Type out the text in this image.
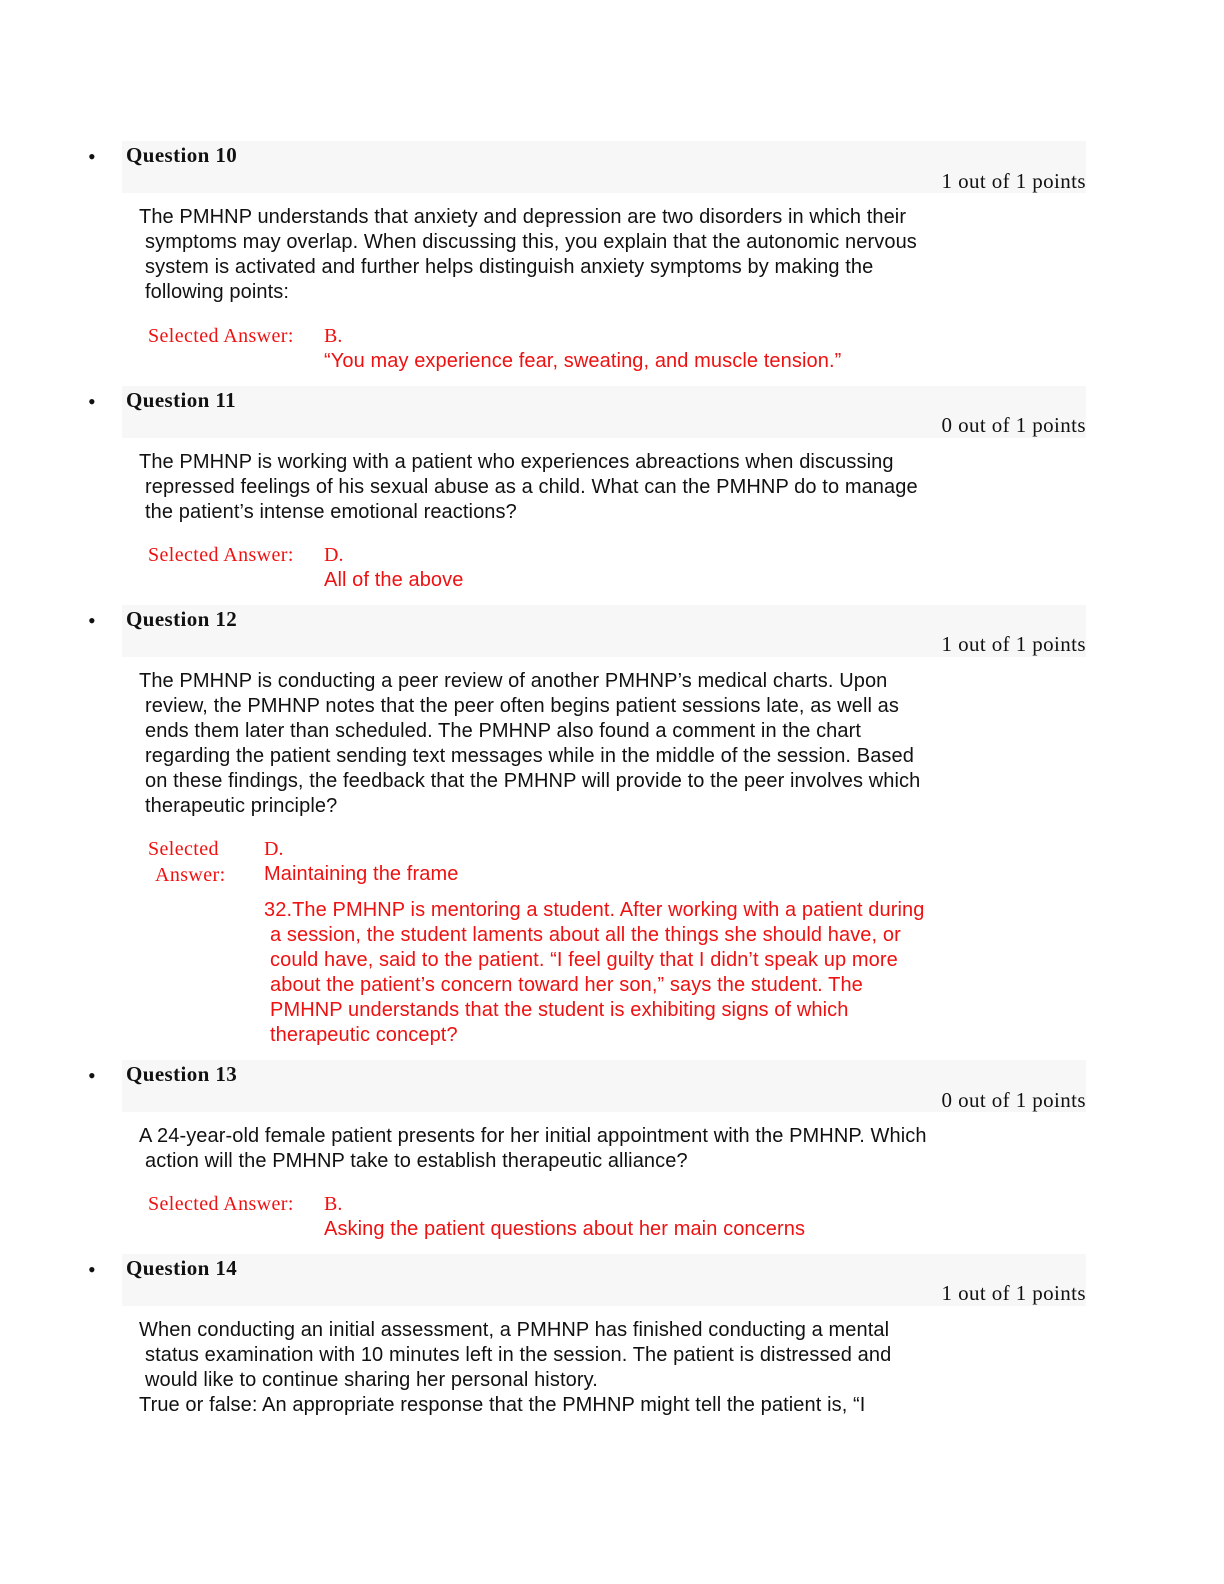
• Question 10
1 out of 1 points
The PMHNP understands that anxiety and depression are two disorders in which their
symptoms may overlap. When discussing this, you explain that the autonomic nervous
system is activated and further helps distinguish anxiety symptoms by making the
following points:
Selected Answer: B.
“You may experience fear, sweating, and muscle tension.”
• Question 11
0 out of 1 points
The PMHNP is working with a patient who experiences abreactions when discussing
repressed feelings of his sexual abuse as a child. What can the PMHNP do to manage
the patient’s intense emotional reactions?
Selected Answer: D.
All of the above
• Question 12
1 out of 1 points
The PMHNP is conducting a peer review of another PMHNP’s medical charts. Upon
review, the PMHNP notes that the peer often begins patient sessions late, as well as
ends them later than scheduled. The PMHNP also found a comment in the chart
regarding the patient sending text messages while in the middle of the session. Based
on these findings, the feedback that the PMHNP will provide to the peer involves which
therapeutic principle?
Selected
Answer:
D.
Maintaining the frame
32.The PMHNP is mentoring a student. After working with a patient during
a session, the student laments about all the things she should have, or
could have, said to the patient. “I feel guilty that I didn’t speak up more
about the patient’s concern toward her son,” says the student. The
PMHNP understands that the student is exhibiting signs of which
therapeutic concept?
• Question 13
0 out of 1 points
A 24-year-old female patient presents for her initial appointment with the PMHNP. Which
action will the PMHNP take to establish therapeutic alliance?
Selected Answer: B.
Asking the patient questions about her main concerns
• Question 14
1 out of 1 points
When conducting an initial assessment, a PMHNP has finished conducting a mental
status examination with 10 minutes left in the session. The patient is distressed and
would like to continue sharing her personal history.
True or false: An appropriate response that the PMHNP might tell the patient is, “I
